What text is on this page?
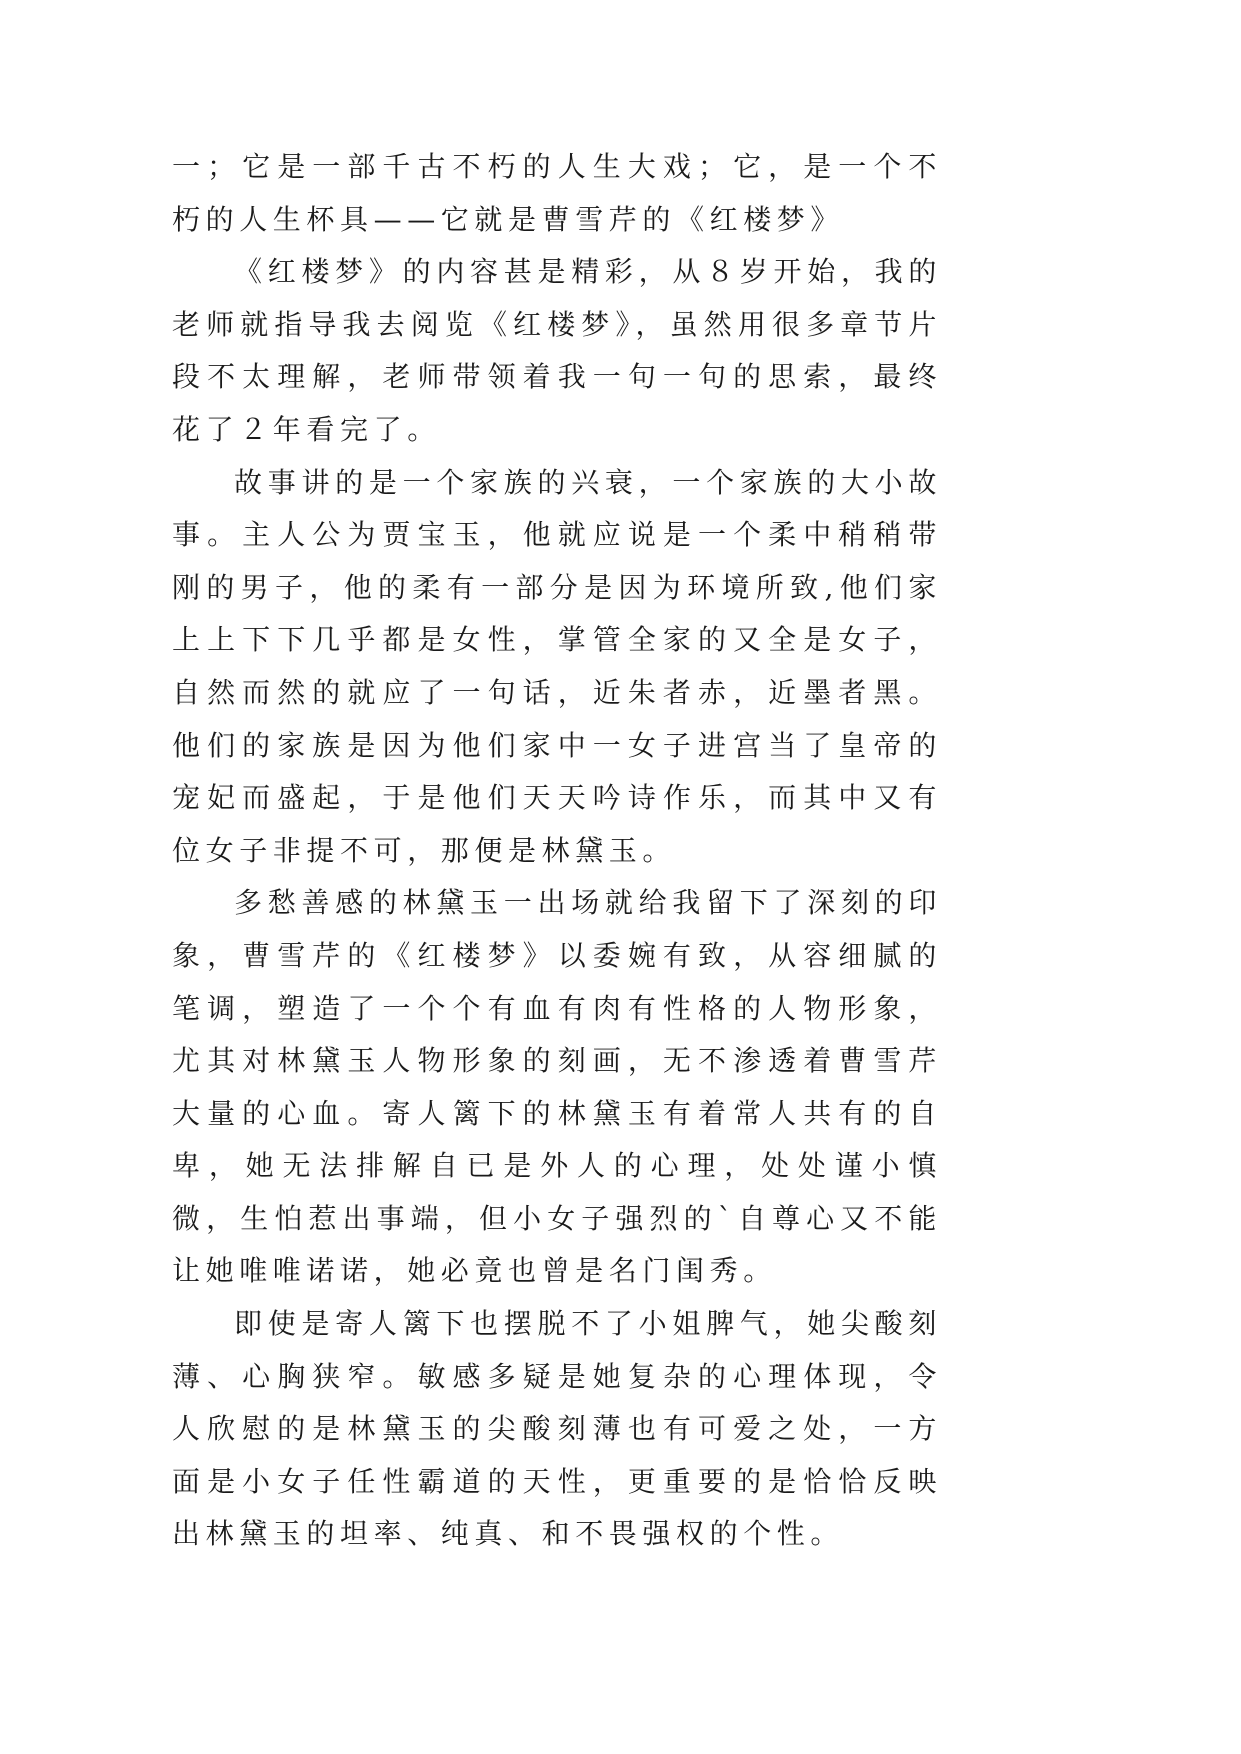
一；它是一部千古不朽的人生大戏；它，是一个不朽的人生杯具——它就是曹雪芹的《红楼梦》

《红楼梦》的内容甚是精彩，从８岁开始，我的老师就指导我去阅览《红楼梦》，虽然用很多章节片段不太理解，老师带领着我一句一句的思索，最终花了２年看完了。

故事讲的是一个家族的兴衰，一个家族的大小故事。主人公为贾宝玉，他就应说是一个柔中稍稍带刚的男子，他的柔有一部分是因为环境所致,他们家上上下下几乎都是女性，掌管全家的又全是女子，自然而然的就应了一句话，近朱者赤，近墨者黑。他们的家族是因为他们家中一女子进宫当了皇帝的宠妃而盛起，于是他们天天吟诗作乐，而其中又有位女子非提不可，那便是林黛玉。

多愁善感的林黛玉一出场就给我留下了深刻的印象，曹雪芹的《红楼梦》以委婉有致，从容细腻的笔调，塑造了一个个有血有肉有性格的人物形象，尤其对林黛玉人物形象的刻画，无不渗透着曹雪芹大量的心血。寄人篱下的林黛玉有着常人共有的自卑，她无法排解自已是外人的心理，处处谨小慎微，生怕惹出事端，但小女子强烈的`自尊心又不能让她唯唯诺诺，她必竟也曾是名门闺秀。

即使是寄人篱下也摆脱不了小姐脾气，她尖酸刻薄、心胸狭窄。敏感多疑是她复杂的心理体现，令人欣慰的是林黛玉的尖酸刻薄也有可爱之处，一方面是小女子任性霸道的天性，更重要的是恰恰反映出林黛玉的坦率、纯真、和不畏强权的个性。
